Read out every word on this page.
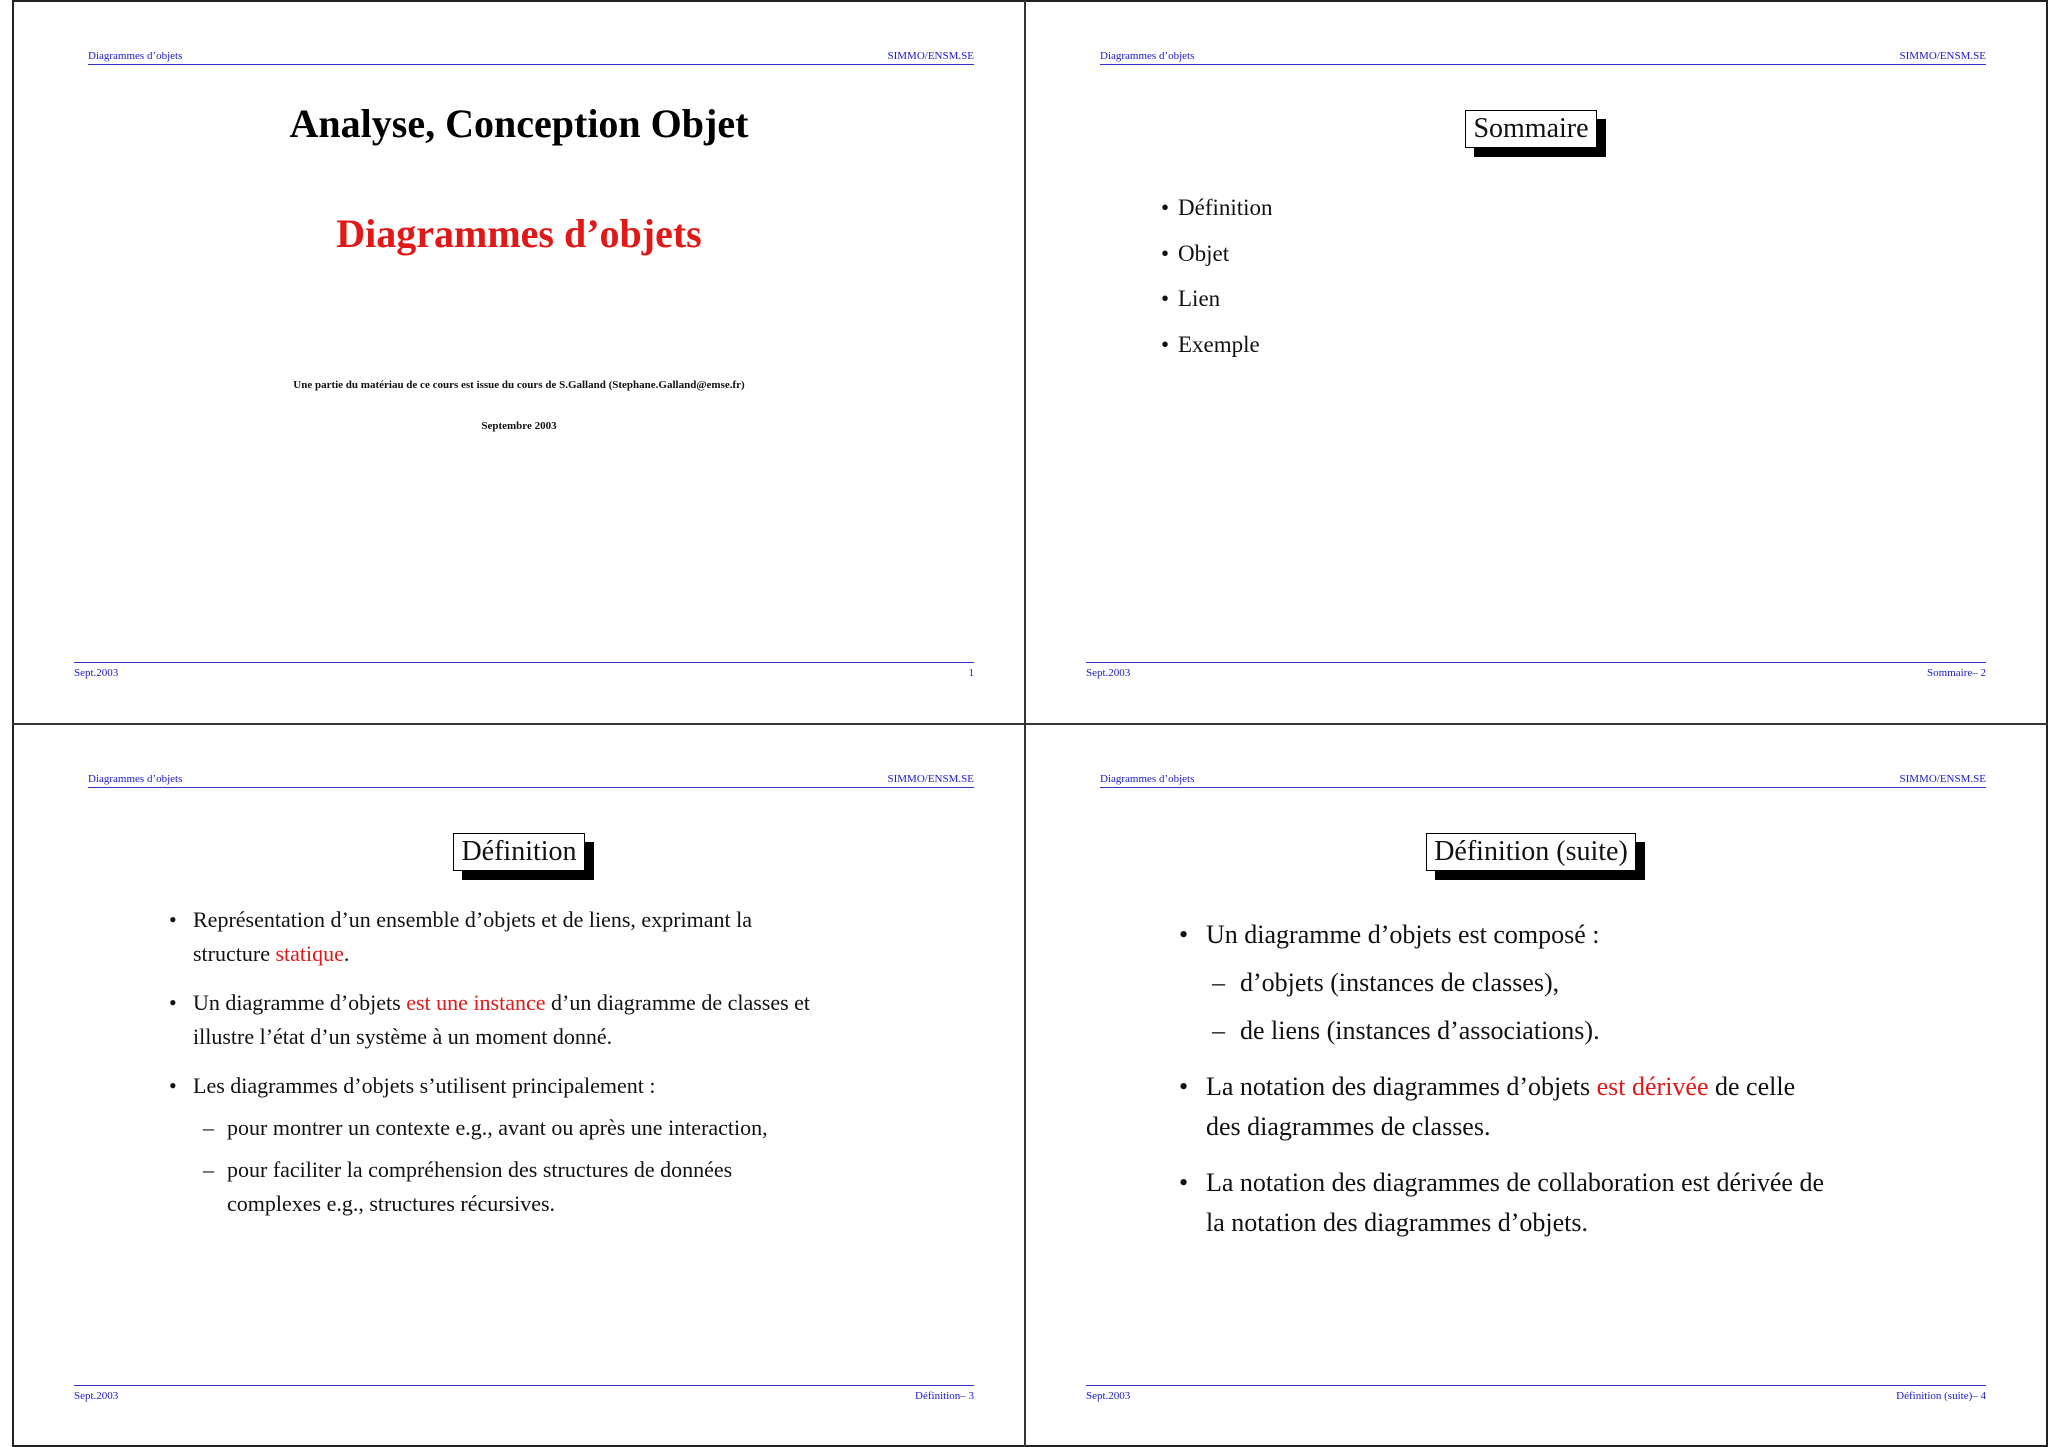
Diagrammes d’objets	SIMMO/ENSM.SE
Analyse, Conception Objet
Diagrammes d’objets
Une partie du matériau de ce cours est issue du cours de S.Galland (Stephane.Galland@emse.fr)
Septembre 2003
Sept.2003	1
Diagrammes d’objets	SIMMO/ENSM.SE
Sommaire
• Définition
• Objet
• Lien
• Exemple
Sept.2003	Sommaire– 2
Diagrammes d’objets	SIMMO/ENSM.SE
Définition
• Représentation d’un ensemble d’objets et de liens, exprimant la
structure statique.
• Un diagramme d’objets est une instance d’un diagramme de classes et
illustre l’état d’un système à un moment donné.
• Les diagrammes d’objets s’utilisent principalement :
– pour montrer un contexte e.g., avant ou après une interaction,
– pour faciliter la compréhension des structures de données
complexes e.g., structures récursives.
Sept.2003	Définition– 3
Diagrammes d’objets	SIMMO/ENSM.SE
Définition (suite)
• Un diagramme d’objets est composé :
– d’objets (instances de classes),
– de liens (instances d’associations).
• La notation des diagrammes d’objets est dérivée de celle
des diagrammes de classes.
• La notation des diagrammes de collaboration est dérivée de
la notation des diagrammes d’objets.
Sept.2003	Définition (suite)– 4
